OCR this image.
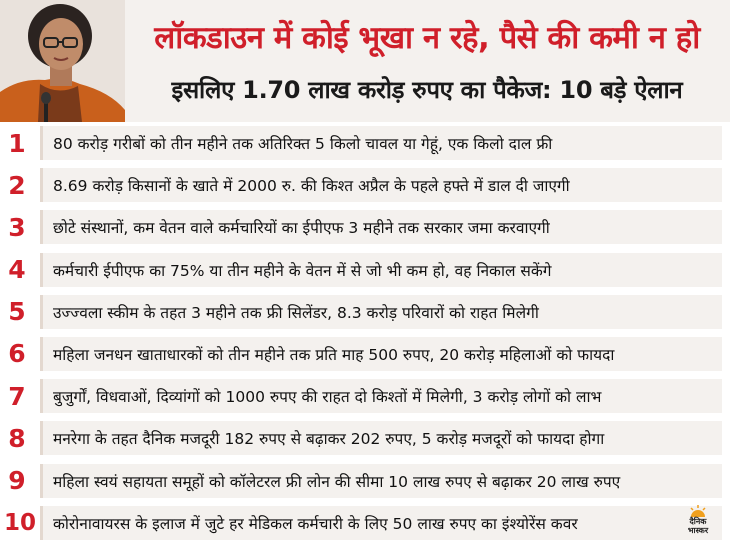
लॉकडाउन में कोई भूखा न रहे, पैसे की कमी न हो
इसलिए 1.70 लाख करोड़ रुपए का पैकेज: 10 बड़े ऐलान
1	80 करोड़ गरीबों को तीन महीने तक अतिरिक्त 5 किलो चावल या गेहूं, एक किलो दाल फ्री
2	8.69 करोड़ किसानों के खाते में 2000 रु. की किश्त अप्रैल के पहले हफ्ते में डाल दी जाएगी
3	छोटे संस्थानों, कम वेतन वाले कर्मचारियों का ईपीएफ 3 महीने तक सरकार जमा करवाएगी
4	कर्मचारी ईपीएफ का 75% या तीन महीने के वेतन में से जो भी कम हो, वह निकाल सकेंगे
5	उज्ज्वला स्कीम के तहत 3 महीने तक फ्री सिलेंडर, 8.3 करोड़ परिवारों को राहत मिलेगी
6	महिला जनधन खाताधारकों को तीन महीने तक प्रति माह 500 रुपए, 20 करोड़ महिलाओं को फायदा
7	बुजुर्गों, विधवाओं, दिव्यांगों को 1000 रुपए की राहत दो किश्तों में मिलेगी, 3 करोड़ लोगों को लाभ
8	मनरेगा के तहत दैनिक मजदूरी 182 रुपए से बढ़ाकर 202 रुपए, 5 करोड़ मजदूरों को फायदा होगा
9	महिला स्वयं सहायता समूहों को कॉलेटरल फ्री लोन की सीमा 10 लाख रुपए से बढ़ाकर 20 लाख रुपए
10	कोरोनावायरस के इलाज में जुटे हर मेडिकल कर्मचारी के लिए 50 लाख रुपए का इंश्योरेंस कवर	दैनिक
भास्कर
